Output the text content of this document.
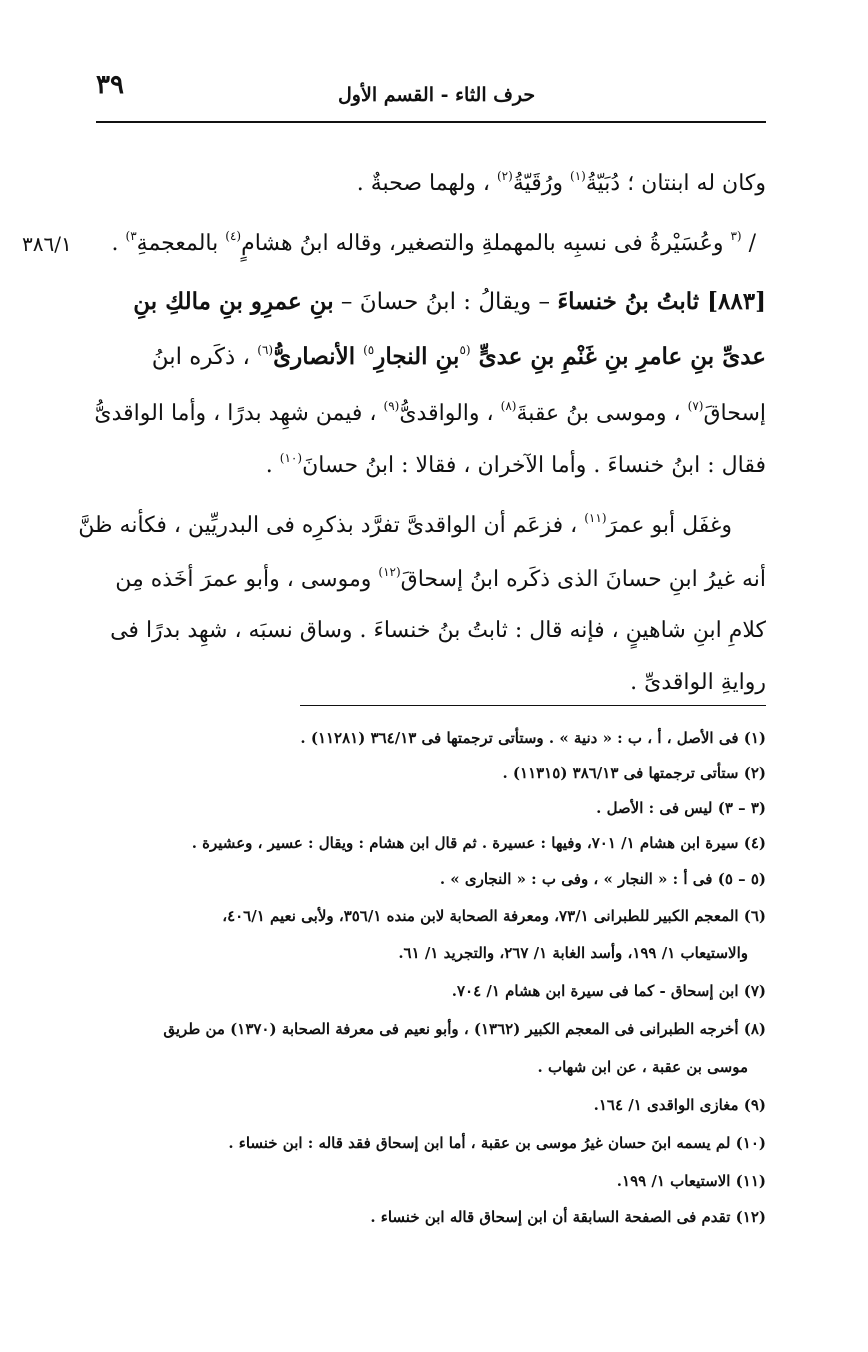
٣٩	حرف الثاء - القسم الأول
٣٨٦/١
وكان له ابنتان ؛ دُبَيّةُ$^{(١)}$ ورُقَيّةُ$^{(٢)}$ ، ولهما صحبةٌ .
/ $^{(٣}$ وعُسَيْرةُ فى نسبِه بالمهملةِ والتصغير، وقاله ابنُ هشامٍ$^{(٤)}$ بالمعجمةِ$^{٣)}$ .
[٨٨٣] ثابتُ بنُ خنساءَ – ويقالُ : ابنُ حسانَ – بنِ عمرِو بنِ مالكِ بنِ
عدىِّ بنِ عامرِ بنِ غَنْمِ بنِ عدىٍّ $^{(٥}$بنِ النجارِ$^{٥)}$ الأنصارىُّ$^{(٦)}$ ، ذكَره ابنُ
إسحاقَ$^{(٧)}$ ، وموسى بنُ عقبةَ$^{(٨)}$ ، والواقدىُّ$^{(٩)}$ ، فيمن شهِد بدرًا ، وأما الواقدىُّ
فقال : ابنُ خنساءَ . وأما الآخران ، فقالا : ابنُ حسانَ$^{(١٠)}$ .
وغفَل أبو عمرَ$^{(١١)}$ ، فزعَم أن الواقدىَّ تفرَّد بذكرِه فى البدريِّين ، فكأنه ظنَّ
أنه غيرُ ابنِ حسانَ الذى ذكَره ابنُ إسحاقَ$^{(١٢)}$ وموسى ، وأبو عمرَ أخَذه مِن
كلامِ ابنِ شاهينٍ ، فإنه قال : ثابتُ بنُ خنساءَ . وساق نسبَه ، شهِد بدرًا فى
روايةِ الواقدىِّ .
(١) فى الأصل ، أ ، ب : « دنية » . وستأتى ترجمتها فى ٣٦٤/١٣ (١١٢٨١) .
(٢) ستأتى ترجمتها فى ٣٨٦/١٣ (١١٣١٥) .
(٣ – ٣) ليس فى : الأصل .
(٤) سيرة ابن هشام ١/ ٧٠١، وفيها : عسيرة . ثم قال ابن هشام : ويقال : عسير ، وعشيرة .
(٥ – ٥) فى أ : « النجار » ، وفى ب : « النجارى » .
(٦) المعجم الكبير للطبرانى ٧٣/١، ومعرفة الصحابة لابن منده ٣٥٦/١، ولأبى نعيم ٤٠٦/١،
والاستيعاب ١/ ١٩٩، وأسد الغابة ١/ ٢٦٧، والتجريد ١/ ٦١.
(٧) ابن إسحاق - كما فى سيرة ابن هشام ١/ ٧٠٤.
(٨) أخرجه الطبرانى فى المعجم الكبير (١٣٦٢) ، وأبو نعيم فى معرفة الصحابة (١٣٧٠) من طريق
موسى بن عقبة ، عن ابن شهاب .
(٩) مغازى الواقدى ١/ ١٦٤.
(١٠) لم يسمه ابنَ حسان غيرُ موسى بن عقبة ، أما ابن إسحاق فقد قاله : ابن خنساء .
(١١) الاستيعاب ١/ ١٩٩.
(١٢) تقدم فى الصفحة السابقة أن ابن إسحاق قاله ابن خنساء .
